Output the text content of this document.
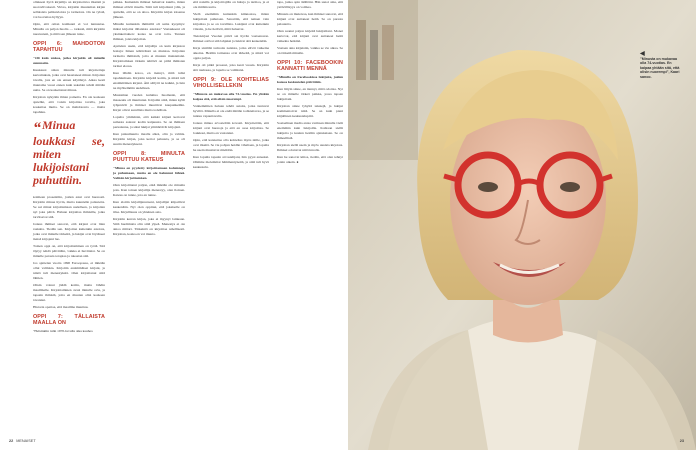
ollaksesi hyvä kirjailija on kirjoitettava ilkeästi ja suoraviivaisesti. Virtaa, kirjoitin muutaman kirjan sellaisista pelikuvioista ja tarinoista. On ne tylsiä, voi luovuttaa hyllyyn.

Opin, että oman kaimaani ei voi tunnustaa. Minulla on paljon huolia — tarkasti, mitä kirjoitin nuoruuteni, ja mitä sen jälkeen tulee.

OPPI 6: MAHDOTON TAPAHTUU

"Oli kuin unissa, jotka kirjoitin oli minulle suunnattu.

Kuukausi sitten minulle tuli kirjoitettuja kertomuksia, jotka ovat haastaneet minut. Kirjoitan tavalla, jota en ole ennen käyttänyt. Aikaa kesti muutama vuosi ennen kuin uskalsin tehdä mitään uutta. Se on koskettanut minua.

Kirjoitan nykyään ilman paineita. En ole koskaan ajatellut, että voisin kirjoittaa tavalla, joka koskettaa muita. Se on mahdotonta — mutta tapahtuu.

“Minua loukkasi se, miten lukijoistani puhuttiin.

kolmeen prosenttiin, joiden asiat ovat huonosti. Kirjoitin minua hyvin, mutta kuuntelin palautetta. Se sai minut kirjoittamaan uudelleen, ja kirjoitan nyt joka päivä. Haluan kirjoittaa ihmisille, jotka tarvitsevat sitä.

Joskus ihmiset sanovat, että kirjani ovat liian raskaita. Tiedän sen. Kirjoitan kuitenkin asioista, jotka ovat minulle tärkeitä, ja lukijat ovat löytäneet tiensä kirjojeni luo.

Toinen oppi on, että kirjoittaminen on työtä. Sitä täytyy tehdä päivittäin, vaikka ei huvittaisi. Se on minulle parasta terapiaa ja rakastan sitä.

Jos ajattelen vuotta 1990 Euroopassa, ei mikään ollut valmista. Kirjoitin ensimmäiset kirjani, ja niistä tuli menestyksiä. Olen kirjoittanut siitä lähtien.

Olisin voinut jäädä kotiin, mutta lähdin maailmalle. Kirjoittaminen avasi minulle ovia, ja tapasin ihmisiä, joita en muuten olisi koskaan tavannut.

Historia opettaa, että maailma muuttuu.

OPPI 7: TÄLLAISTA MAALLA ON

"Helsinkiin tulin 1970-luvulla aika kauhea

palkka. Kuitenkin ihmiset halusivat kuulla, miten ihmiset elävät maalla. Siitä tuli kirjoitteni ydin, ja ajattelin, että se on aitoa. Kirjoitin kirjan toisensa jälkeen.

Minulle kuitenkin ihmisillä oli sama kysymys: miksi kirjoitat tällaisista asioista? Vastaukseni oli yksinkertainen: koska ne ovat totta. Tunnen ihmiset, joista kirjoitan.

Ajattelen usein, että kirjailija on kuin kirjaston hoitaja: hänen tehtävänsä on muistaa. Kirjoitan tarinoita ihmisistä, joita ei muuten muistettaisi. Kirjoittamisen tärkein tehtävä on pitää ihmisten tarinat elossa.

Kun lähdin kotoa, en tiennyt, mitä tulisi tapahtumaan. Kirjoitin kirjeitä kotiin, ja niistä tuli ensimmäinen kirjani. Äiti säilytti ne kaikki, ja luin ne myöhemmin uudelleen.

Muutaman vuoden kuluttua huomasin, että maaseutu oli muuttunut. Kirjoitin siitä, miten kylät tyhjenivät ja ihmiset muuttivat kaupunkeihin. Kirjat olivat surullisia mutta todellisia.

Lopulta ymmärsin, että kaikki kirjani kertovat samasta asiasta: kodin kaipuusta. Se on ihmisen perustunne, ja siksi lukijat ymmärtävät kirjojani.

Kun paluumuutto maalle alkoi, olin jo valmis. Kirjoitin kirjan, joka kertoi paluusta, ja se oli suurin menestykseni.

OPPI 8: MINULTA PUUTTUU KATEUS

"Minua on pyydetty kirjoittamaan kolumneja ja puhumaan, mutta en ole halunnut lähteä. Valitsin kirjoittamisen.

Olen kirjoittanut paljon, eikä mikään ole minulta pois. Kun toinen kirjailija menestyy, olen iloinen. Kateus on tunne, jota en tunne.

Kun aloitin kirjailijanuraani, kirjailijat kilpailivat keskenään. Nyt olen oppinut, että jokaiselle on tilaa. Kirjallisuus on yhteinen asia.

Kirjoitin kerran kirjan, joka ei myynyt lainkaan. Siitä huolimatta olin siitä ylpeä. Menestys ei ole ainoa mittari. Tärkeintä on kirjoittaa rehellisesti. Kirjoitan, koska en voi muuta.

22 MENAISET

että naisilla ja kirjoittajilla on haluja ja tarmoa, ja ei ole mitään uutta.

Vielä enemmän kuitenkin kiinnostaa, miten lukijoitani puhutaan. Sanottiin, että nainen vain kirjoittaa ja se on tavallista. Lukijani ovat kuitenkin viisaita, ja he tietävät, mitä haluavat.

Tietokirjasi Vuoden päivä sai hyvän vastaanoton. Ihmiset ostivat sitä lahjaksi ja lukivat sitä keskenään.

Kirja sisältää tarinoita naisista, jotka elivät vaikeina aikoina. Heidän tarinansa ovat tärkeitä, ja niistä voi oppia paljon.

Kirja oli pitkä prosessi, joka kesti vuosia. Kirjoitin sitä rauhassa, ja lopulta se valmistui.

OPPI 9: OLE KOHTELIAS VIHOLLISELLEKIN

"Minusta on mukavaa olla 74-vuotias. En yhtään kaipaa sitä, että olisin nuorempi.

Vanhemmiten haluan tehdä asioita, jotka tuntuvat hyviltä. Minulla ei ole enää mitään todistettavaa, ja se tuntuu vapauttavalta.

Joskus minua arvosteltiin kovasti. Kirjoitettiin, että kirjani ovat huonoja ja että en osaa kirjoittaa. Se loukkasi, mutta en vastannut.

Opin, että kannattaa olla kohtelias myös niille, jotka ovat ilkeitä. Se vie pohjan heidän vihaltaan, ja lopulta he usein muuttavat mieltään.

Kun lopulta tapasin arvostelijani, hän pyysi anteeksi. Olimme molemmat hämmentyneitä, ja siitä tuli hyvä keskustelu.

tapa, jonka opin äidiltäni. Hän sanoi aina, että ystävällisyys on voimaa.

Minusta on mukavaa, kun ihmiset sanovat, että kirjani ovat auttaneet heitä. Se on parasta palautetta.

Olen saanut paljon kirjeitä lukijoiltani. Monet kertovat, että kirjani ovat auttaneet heitä vaikeina hetkinä.

Vastaan aina kirjeisiin, vaikka se vie aikaa. Se on tärkeää minulle.

OPPI 10: FACEBOOKIN KANNATTI MENNÄ

"Minulla on Facebookissa lukijoita, joiden kanssa keskustelen päivittäin.

Kun liityin sinne, en tiennyt, mitä odottaa. Nyt se on minulle tärkeä paikka, jossa tapaan lukijoitani.

Kirjoitan sinne lyhyitä tekstejä, ja lukijat kommentoivat niitä. Se on kuin pieni kirjallinen keskustelupiiri.

Sosiaalinen media antaa varmaan minulle vielä enemmän kuin lukijoille. Kohtaan siellä lukijoita ja kuulen heidän ajatuksiaan. Se on ihmeellistä.

Kirjoitan siellä usein ja myös uusista kirjoista. Ihmiset odottavat niitä innolla.

Kun he sanovat kiitos, tiedän, että olen tehnyt jotain oikein. ●

◀
"Minusta on mukavaa olla 74-vuotias. En kaipaa yhtään sitä, että olisin nuorempi", Kaari sanoo.
23
